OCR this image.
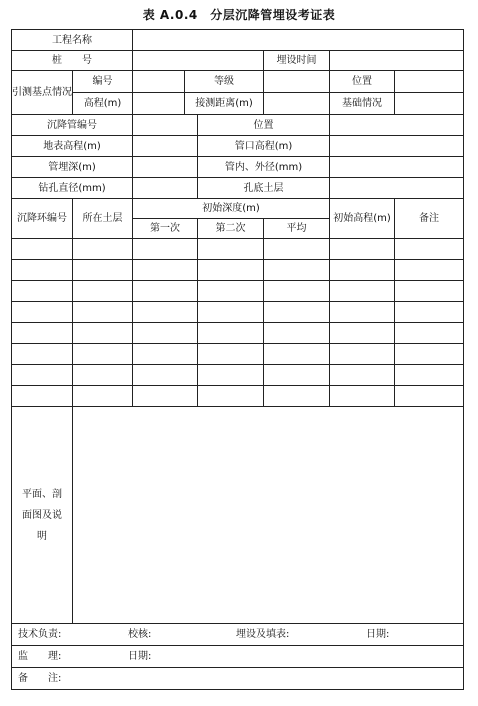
表 A.0.4　分层沉降管埋设考证表
工程名称							
桩　　号					埋设时间		
引测基点情况	编号		等级			位置	
	高程(m)		接测距离(m)			基础情况	
沉降管编号				位置			
地表高程(m)				管口高程(m)			
管埋深(m)				管内、外径(mm)			
钻孔直径(mm)				孔底土层			
沉降环编号	所在土层	初始深度(m)				初始高程(m)	备注
		第一次		第二次	平均		

平面、剖面图及说明							
技术负责: 校核: 埋设及填表: 日期:							
监　　理: 日期:							
备　　注:							
